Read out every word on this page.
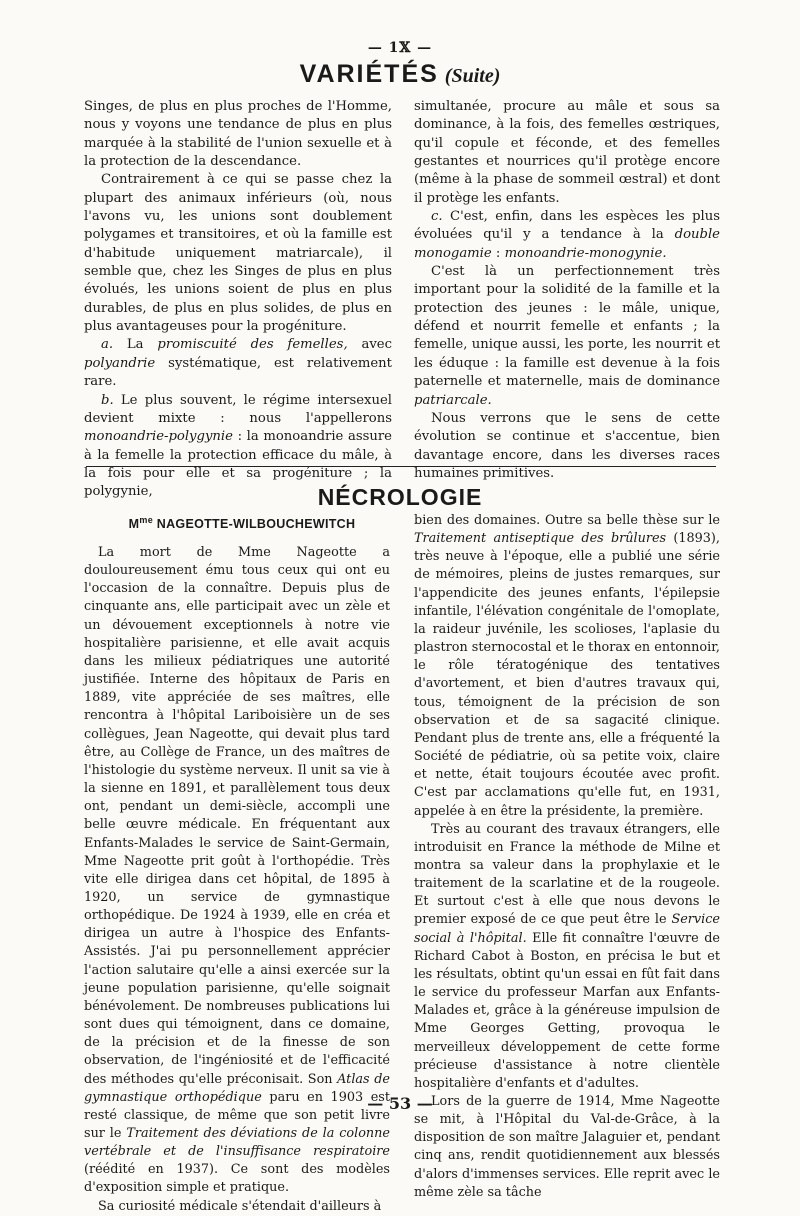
— 1𝕏 —
VARIÉTÉS (Suite)

Singes, de plus en plus proches de l'Homme, nous y voyons une tendance de plus en plus marquée à la stabilité de l'union sexuelle et à la protection de la descendance.

Contrairement à ce qui se passe chez la plupart des animaux inférieurs (où, nous l'avons vu, les unions sont doublement polygames et transitoires, et où la famille est d'habitude uniquement matriarcale), il semble que, chez les Singes de plus en plus évolués, les unions soient de plus en plus durables, de plus en plus solides, de plus en plus avantageuses pour la progéniture.

a. La promiscuité des femelles, avec polyandrie systématique, est relativement rare.

b. Le plus souvent, le régime intersexuel devient mixte : nous l'appellerons monoandrie-polygynie : la monoandrie assure à la femelle la protection efficace du mâle, à la fois pour elle et sa progéniture ; la polygynie,

simultanée, procure au mâle et sous sa dominance, à la fois, des femelles œstriques, qu'il copule et féconde, et des femelles gestantes et nourrices qu'il protège encore (même à la phase de sommeil œstral) et dont il protège les enfants.

c. C'est, enfin, dans les espèces les plus évoluées qu'il y a tendance à la double monogamie : monoandrie-monogynie.

C'est là un perfectionnement très important pour la solidité de la famille et la protection des jeunes : le mâle, unique, défend et nourrit femelle et enfants ; la femelle, unique aussi, les porte, les nourrit et les éduque : la famille est devenue à la fois paternelle et maternelle, mais de dominance patriarcale.

Nous verrons que le sens de cette évolution se continue et s'accentue, bien davantage encore, dans les diverses races humaines primitives.

NÉCROLOGIE
$M^{me}$ NAGEOTTE-WILBOUCHEWITCH

La mort de Mme Nageotte a douloureusement ému tous ceux qui ont eu l'occasion de la connaître. Depuis plus de cinquante ans, elle participait avec un zèle et un dévouement exceptionnels à notre vie hospitalière parisienne, et elle avait acquis dans les milieux pédiatriques une autorité justifiée. Interne des hôpitaux de Paris en 1889, vite appréciée de ses maîtres, elle rencontra à l'hôpital Lariboisière un de ses collègues, Jean Nageotte, qui devait plus tard être, au Collège de France, un des maîtres de l'histologie du système nerveux. Il unit sa vie à la sienne en 1891, et parallèlement tous deux ont, pendant un demi-siècle, accompli une belle œuvre médicale. En fréquentant aux Enfants-Malades le service de Saint-Germain, Mme Nageotte prit goût à l'orthopédie. Très vite elle dirigea dans cet hôpital, de 1895 à 1920, un service de gymnastique orthopédique. De 1924 à 1939, elle en créa et dirigea un autre à l'hospice des Enfants-Assistés. J'ai pu personnellement apprécier l'action salutaire qu'elle a ainsi exercée sur la jeune population parisienne, qu'elle soignait bénévolement. De nombreuses publications lui sont dues qui témoignent, dans ce domaine, de la précision et de la finesse de son observation, de l'ingéniosité et de l'efficacité des méthodes qu'elle préconisait. Son Atlas de gymnastique orthopédique paru en 1903 est resté classique, de même que son petit livre sur le Traitement des déviations de la colonne vertébrale et de l'insuffisance respiratoire (réédité en 1937). Ce sont des modèles d'exposition simple et pratique.

Sa curiosité médicale s'étendait d'ailleurs à

bien des domaines. Outre sa belle thèse sur le Traitement antiseptique des brûlures (1893), très neuve à l'époque, elle a publié une série de mémoires, pleins de justes remarques, sur l'appendicite des jeunes enfants, l'épilepsie infantile, l'élévation congénitale de l'omoplate, la raideur juvénile, les scolioses, l'aplasie du plastron sternocostal et le thorax en entonnoir, le rôle tératogénique des tentatives d'avortement, et bien d'autres travaux qui, tous, témoignent de la précision de son observation et de sa sagacité clinique. Pendant plus de trente ans, elle a fréquenté la Société de pédiatrie, où sa petite voix, claire et nette, était toujours écoutée avec profit. C'est par acclamations qu'elle fut, en 1931, appelée à en être la présidente, la première.

Très au courant des travaux étrangers, elle introduisit en France la méthode de Milne et montra sa valeur dans la prophylaxie et le traitement de la scarlatine et de la rougeole. Et surtout c'est à elle que nous devons le premier exposé de ce que peut être le Service social à l'hôpital. Elle fit connaître l'œuvre de Richard Cabot à Boston, en précisa le but et les résultats, obtint qu'un essai en fût fait dans le service du professeur Marfan aux Enfants-Malades et, grâce à la généreuse impulsion de Mme Georges Getting, provoqua le merveilleux développement de cette forme précieuse d'assistance à notre clientèle hospitalière d'enfants et d'adultes.

Lors de la guerre de 1914, Mme Nageotte se mit, à l'Hôpital du Val-de-Grâce, à la disposition de son maître Jalaguier et, pendant cinq ans, rendit quotidiennement aux blessés d'alors d'immenses services. Elle reprit avec le même zèle sa tâche

— 53 —
